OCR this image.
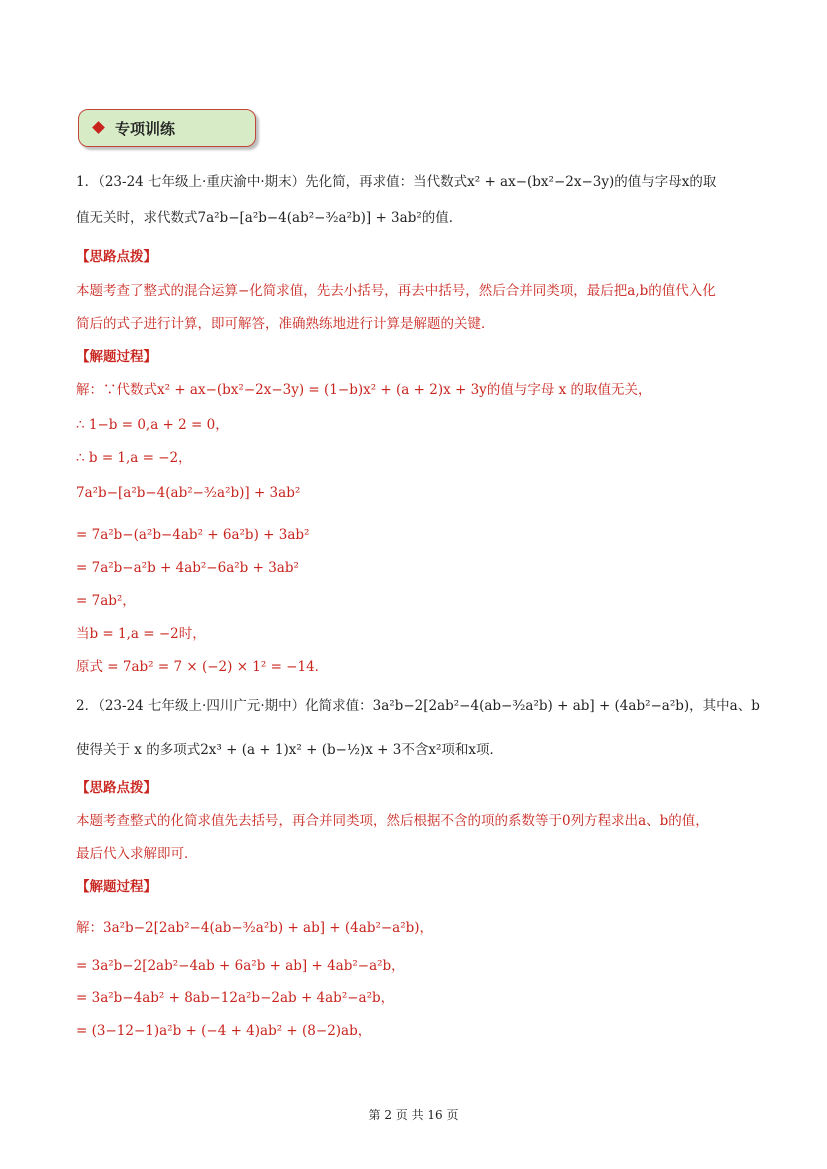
专项训练
1．（23-24 七年级上·重庆渝中·期末）先化简，再求值：当代数式x² + ax−(bx²−2x−3y)的值与字母x的取
值无关时，求代数式7a²b−[a²b−4(ab²−³⁄₂a²b)] + 3ab²的值．
【思路点拨】
本题考查了整式的混合运算−化简求值，先去小括号，再去中括号，然后合并同类项，最后把a,b的值代入化
简后的式子进行计算，即可解答，准确熟练地进行计算是解题的关键．
【解题过程】
解：∵代数式x² + ax−(bx²−2x−3y) = (1−b)x² + (a + 2)x + 3y的值与字母 x 的取值无关，
∴ 1−b = 0,a + 2 = 0，
∴ b = 1,a = −2，
7a²b−[a²b−4(ab²−³⁄₂a²b)] + 3ab²
= 7a²b−(a²b−4ab² + 6a²b) + 3ab²
= 7a²b−a²b + 4ab²−6a²b + 3ab²
= 7ab²，
当b = 1,a = −2时，
原式 = 7ab² = 7 × (−2) × 1² = −14．
2．（23-24 七年级上·四川广元·期中）化简求值：3a²b−2[2ab²−4(ab−³⁄₂a²b) + ab] + (4ab²−a²b)，其中a、b
使得关于 x 的多项式2x³ + (a + 1)x² + (b−½)x + 3不含x²项和x项．
【思路点拨】
本题考查整式的化简求值先去括号，再合并同类项，然后根据不含的项的系数等于0列方程求出a、b的值，
最后代入求解即可．
【解题过程】
解：3a²b−2[2ab²−4(ab−³⁄₂a²b) + ab] + (4ab²−a²b)，
= 3a²b−2[2ab²−4ab + 6a²b + ab] + 4ab²−a²b，
= 3a²b−4ab² + 8ab−12a²b−2ab + 4ab²−a²b，
= (3−12−1)a²b + (−4 + 4)ab² + (8−2)ab，
第 2 页 共 16 页
